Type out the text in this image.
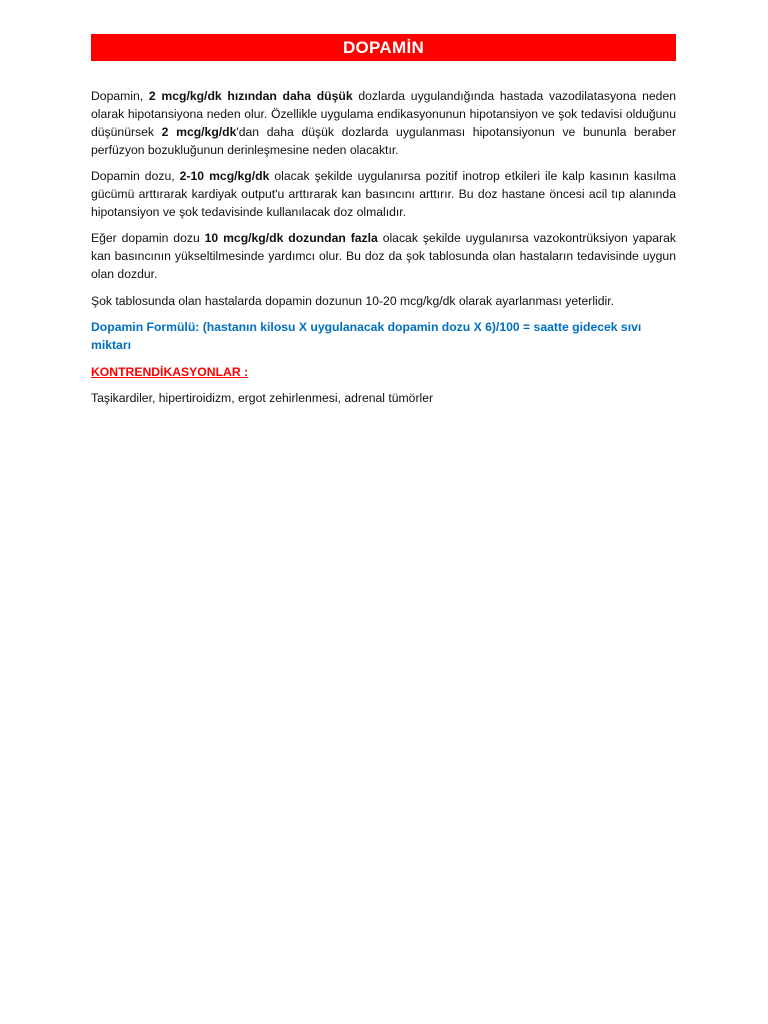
DOPAMİN

Dopamin, 2 mcg/kg/dk hızından daha düşük dozlarda uygulandığında hastada vazodilatasyona neden olarak hipotansiyona neden olur. Özellikle uygulama endikasyonunun hipotansiyon ve şok tedavisi olduğunu düşünürsek 2 mcg/kg/dk'dan daha düşük dozlarda uygulanması hipotansiyonun ve bununla beraber perfüzyon bozukluğunun derinleşmesine neden olacaktır.

Dopamin dozu, 2-10 mcg/kg/dk olacak şekilde uygulanırsa pozitif inotrop etkileri ile kalp kasının kasılma gücümü arttırarak kardiyak output'u arttırarak kan basıncını arttırır. Bu doz hastane öncesi acil tıp alanında hipotansiyon ve şok tedavisinde kullanılacak doz olmalıdır.

Eğer dopamin dozu 10 mcg/kg/dk dozundan fazla olacak şekilde uygulanırsa vazokontrüksiyon yaparak kan basıncının yükseltilmesinde yardımcı olur. Bu doz da şok tablosunda olan hastaların tedavisinde uygun olan dozdur.

Şok tablosunda olan hastalarda dopamin dozunun 10-20 mcg/kg/dk olarak ayarlanması yeterlidir.

Dopamin Formülü: (hastanın kilosu X uygulanacak dopamin dozu X 6)/100 = saatte gidecek sıvı miktarı

KONTRENDİKASYONLAR :

Taşikardiler, hipertiroidizm, ergot zehirlenmesi, adrenal tümörler
